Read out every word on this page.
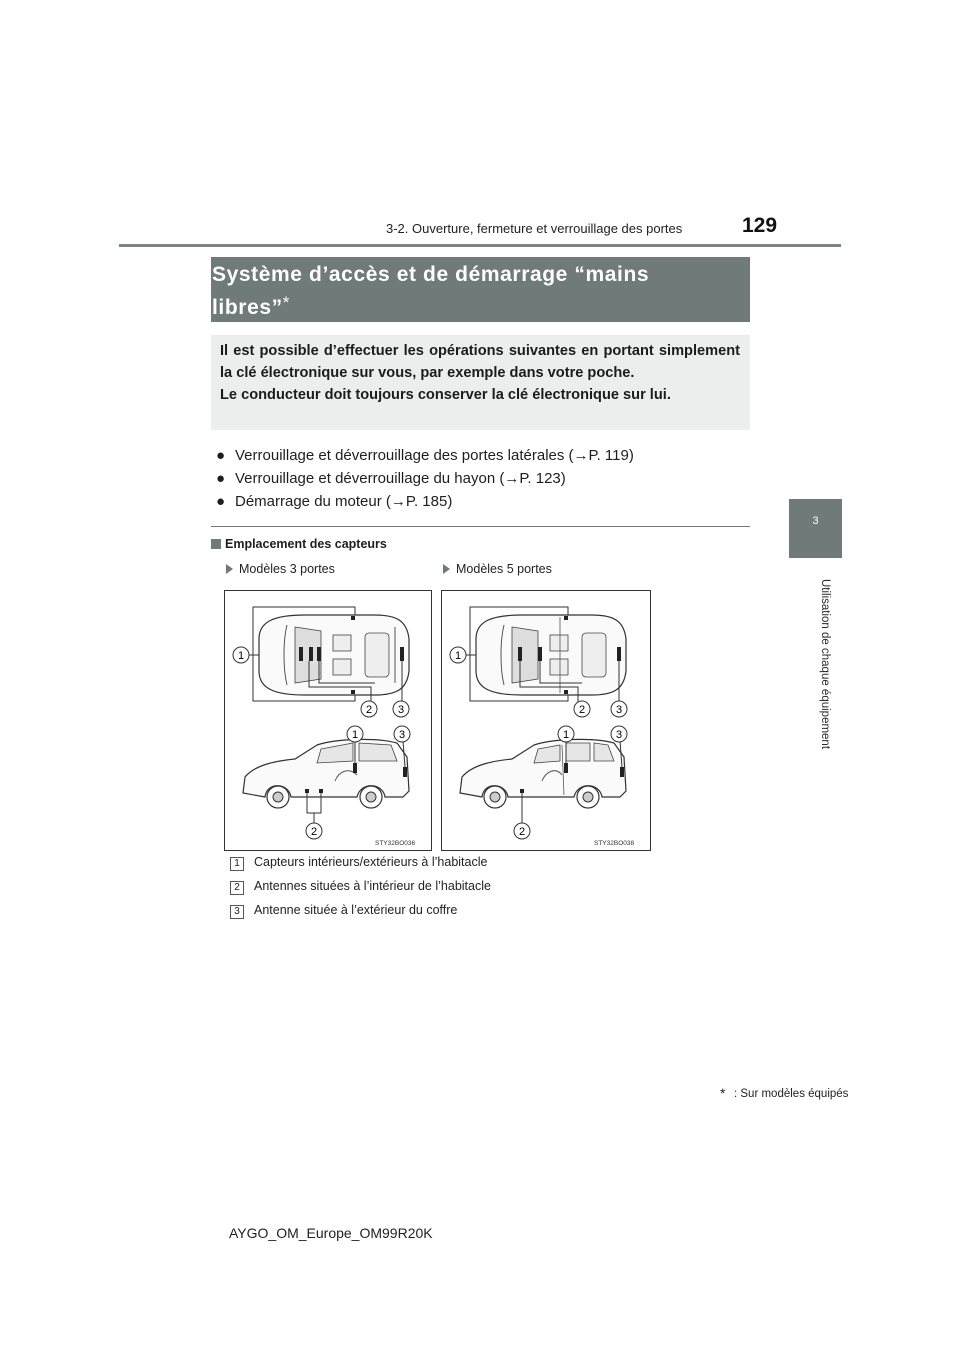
3-2. Ouverture, fermeture et verrouillage des portes	129
3
Utilisation de chaque équipement
Système d’accès et de démarrage “mains libres”*
Il est possible d’effectuer les opérations suivantes en portant simplement la clé électronique sur vous, par exemple dans votre poche.
Le conducteur doit toujours conserver la clé électronique sur lui.
● Verrouillage et déverrouillage des portes latérales (→P. 119)
● Verrouillage et déverrouillage du hayon (→P. 123)
● Démarrage du moteur (→P. 185)
Emplacement des capteurs
Modèles 3 portes	Modèles 5 portes
1
2 3
1	3
2
STY32BO036
1
2	3
1	3
2
STY32BO038
1 Capteurs intérieurs/extérieurs à l’habitacle
2 Antennes situées à l’intérieur de l’habitacle
3 Antenne située à l’extérieur du coffre
* : Sur modèles équipés
AYGO_OM_Europe_OM99R20K
